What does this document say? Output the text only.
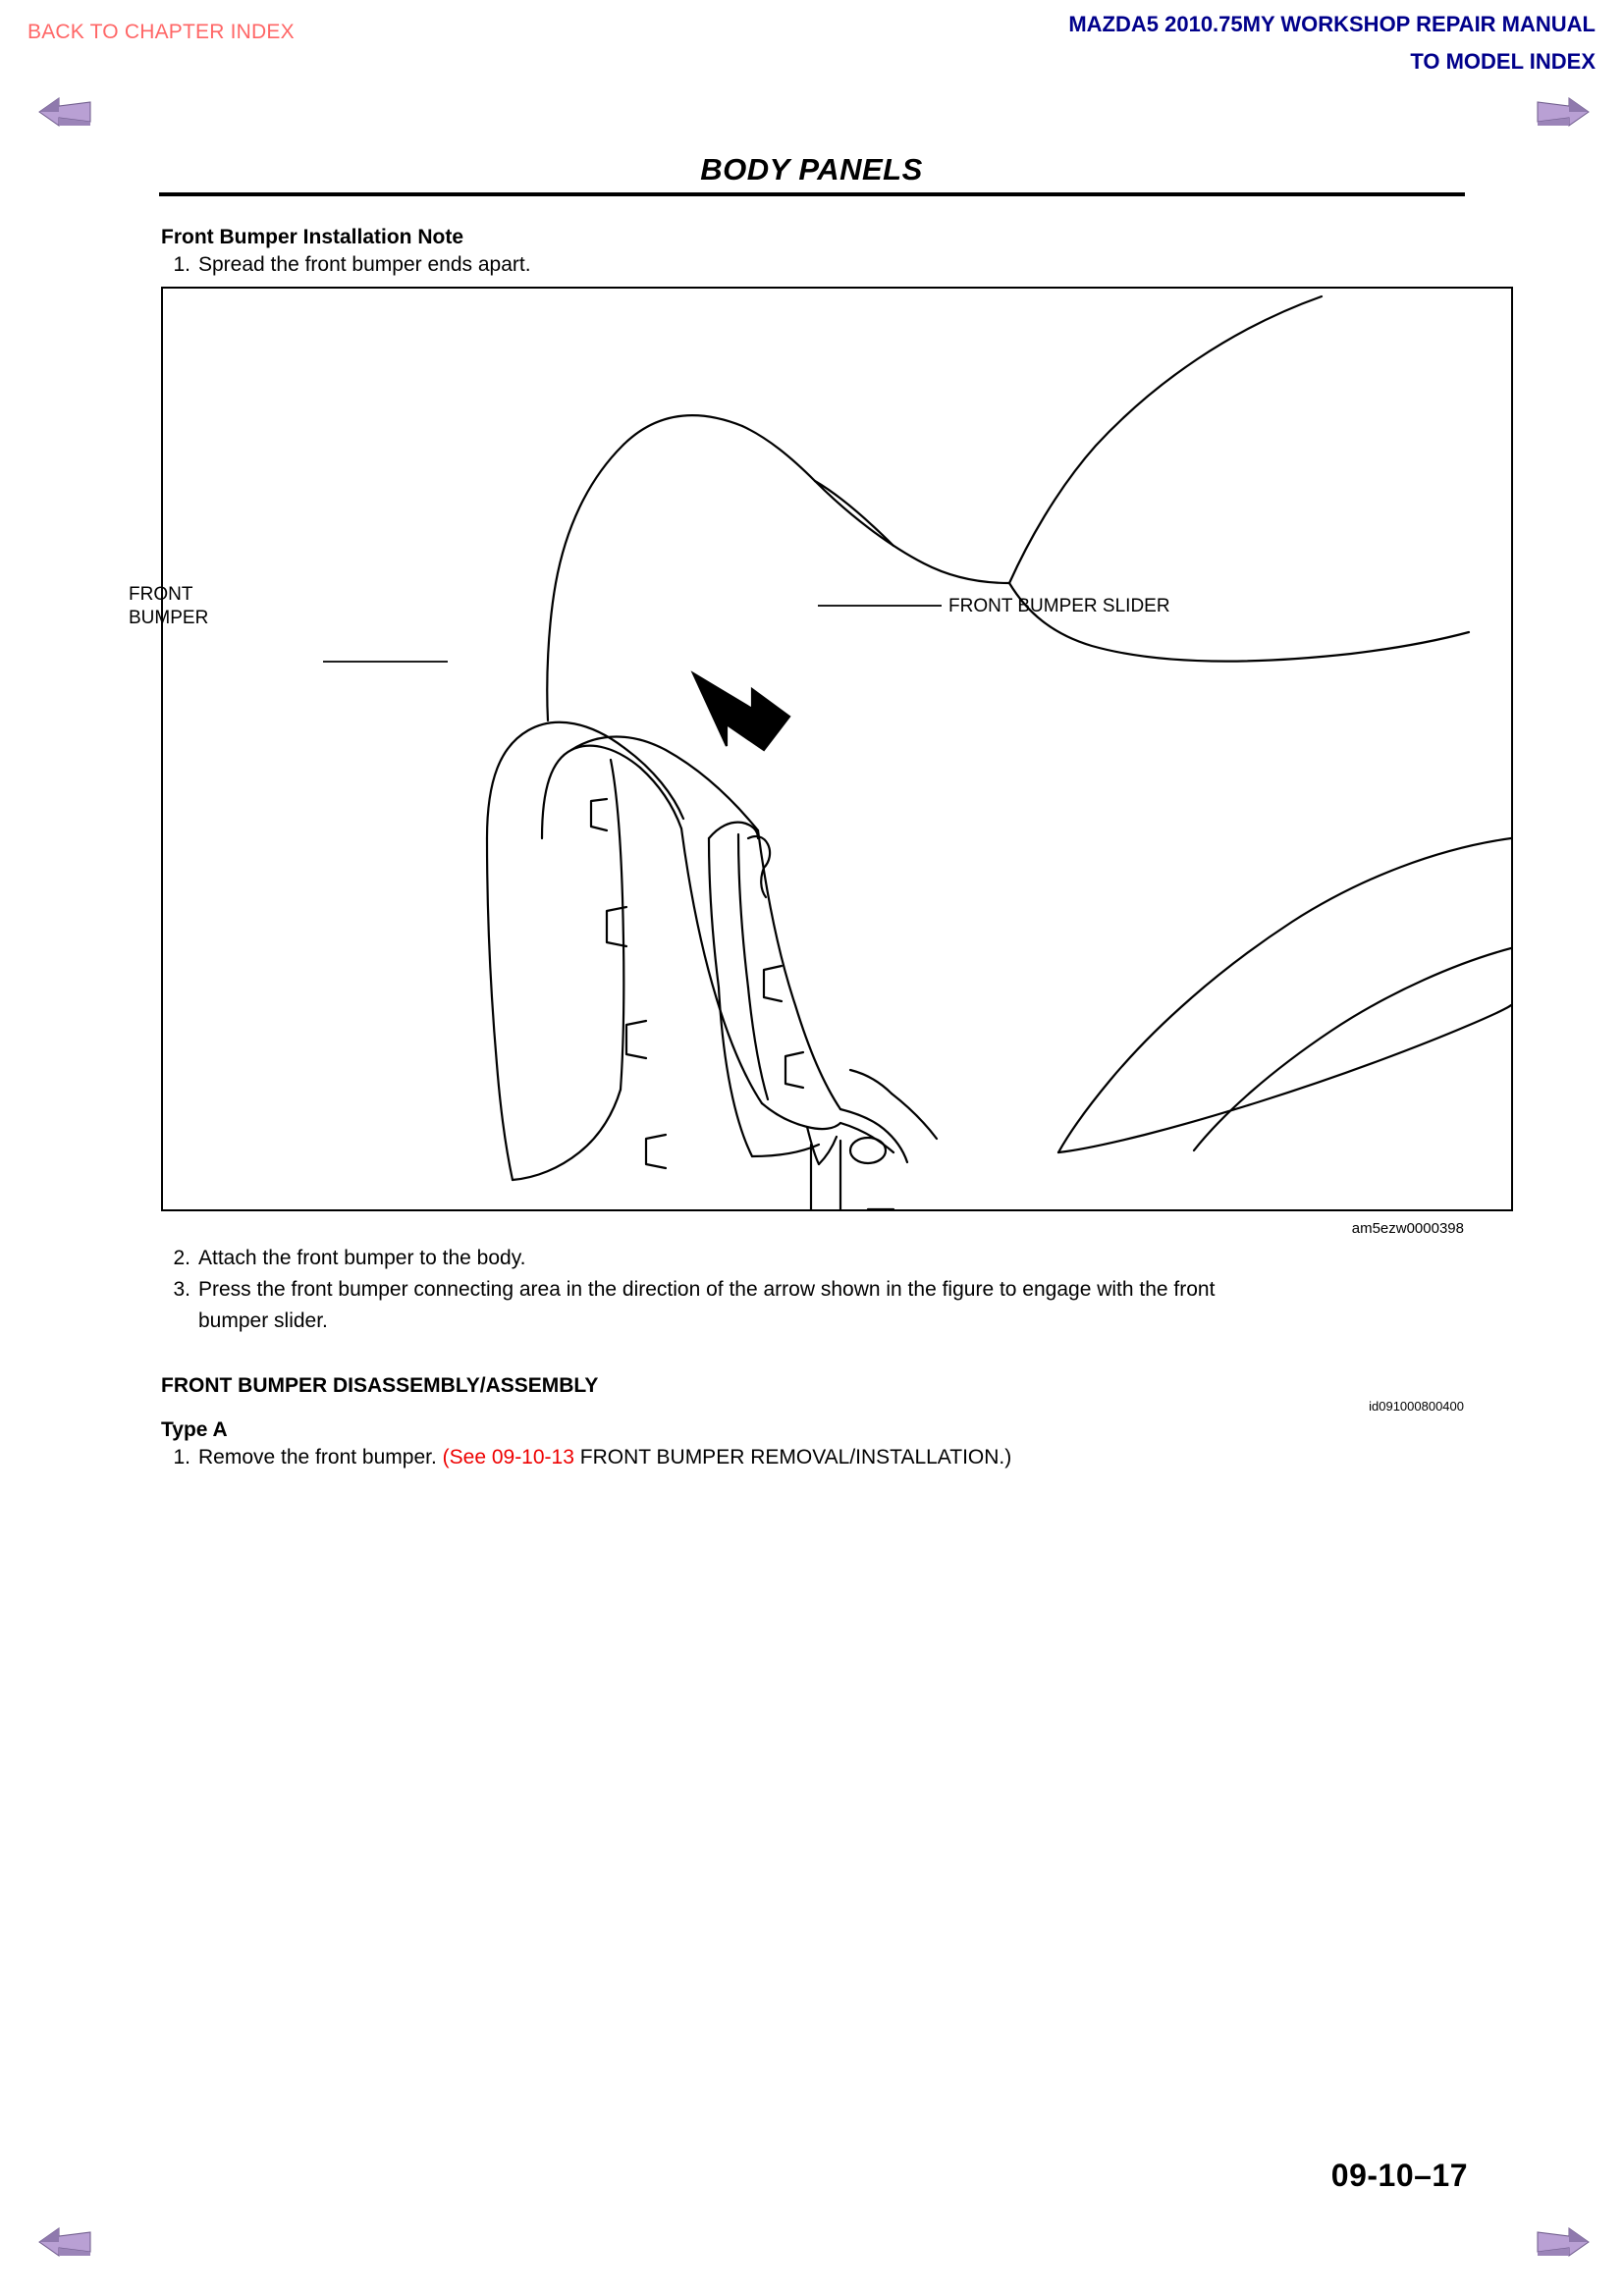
BACK TO CHAPTER INDEX	MAZDA5 2010.75MY WORKSHOP REPAIR MANUAL
TO MODEL INDEX
BODY PANELS
Front Bumper Installation Note
1. Spread the front bumper ends apart.
FRONT BUMPER SLIDER
FRONT
BUMPER
am5ezw0000398
2. Attach the front bumper to the body.
3. Press the front bumper connecting area in the direction of the arrow shown in the figure to engage with the front
bumper slider.
FRONT BUMPER DISASSEMBLY/ASSEMBLY
id091000800400
Type A
1. Remove the front bumper. (See 09-10-13 FRONT BUMPER REMOVAL/INSTALLATION.)
09-10–17
